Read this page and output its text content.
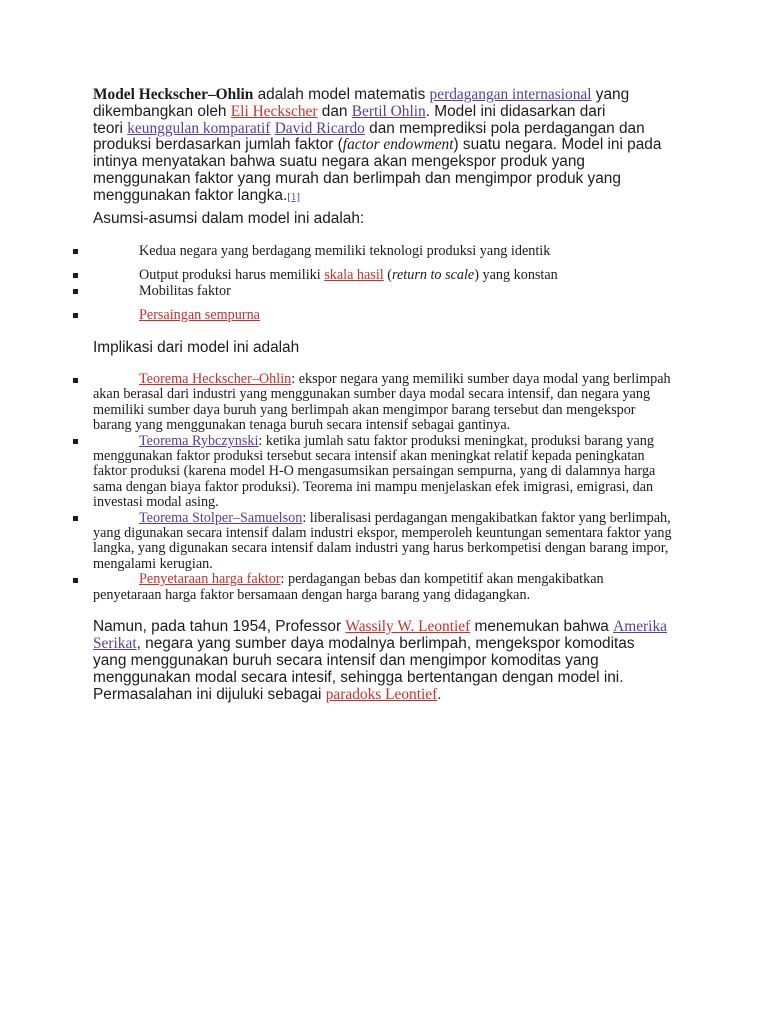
Model Heckscher–Ohlin adalah model matematis perdagangan internasional yang
dikembangkan oleh Eli Heckscher dan Bertil Ohlin. Model ini didasarkan dari
teori keunggulan komparatif David Ricardo dan memprediksi pola perdagangan dan
produksi berdasarkan jumlah faktor (factor endowment) suatu negara. Model ini pada
intinya menyatakan bahwa suatu negara akan mengekspor produk yang
menggunakan faktor yang murah dan berlimpah dan mengimpor produk yang
menggunakan faktor langka.[1]
Asumsi-asumsi dalam model ini adalah:
Kedua negara yang berdagang memiliki teknologi produksi yang identik
Output produksi harus memiliki skala hasil (return to scale) yang konstan
Mobilitas faktor
Persaingan sempurna
Implikasi dari model ini adalah
Teorema Heckscher–Ohlin: ekspor negara yang memiliki sumber daya modal yang berlimpah
akan berasal dari industri yang menggunakan sumber daya modal secara intensif, dan negara yang
memiliki sumber daya buruh yang berlimpah akan mengimpor barang tersebut dan mengekspor
barang yang menggunakan tenaga buruh secara intensif sebagai gantinya.
Teorema Rybczynski: ketika jumlah satu faktor produksi meningkat, produksi barang yang
menggunakan faktor produksi tersebut secara intensif akan meningkat relatif kepada peningkatan
faktor produksi (karena model H-O mengasumsikan persaingan sempurna, yang di dalamnya harga
sama dengan biaya faktor produksi). Teorema ini mampu menjelaskan efek imigrasi, emigrasi, dan
investasi modal asing.
Teorema Stolper–Samuelson: liberalisasi perdagangan mengakibatkan faktor yang berlimpah,
yang digunakan secara intensif dalam industri ekspor, memperoleh keuntungan sementara faktor yang
langka, yang digunakan secara intensif dalam industri yang harus berkompetisi dengan barang impor,
mengalami kerugian.
Penyetaraan harga faktor: perdagangan bebas dan kompetitif akan mengakibatkan
penyetaraan harga faktor bersamaan dengan harga barang yang didagangkan.
Namun, pada tahun 1954, Professor Wassily W. Leontief menemukan bahwa Amerika
Serikat, negara yang sumber daya modalnya berlimpah, mengekspor komoditas
yang menggunakan buruh secara intensif dan mengimpor komoditas yang
menggunakan modal secara intesif, sehingga bertentangan dengan model ini.
Permasalahan ini dijuluki sebagai paradoks Leontief.
